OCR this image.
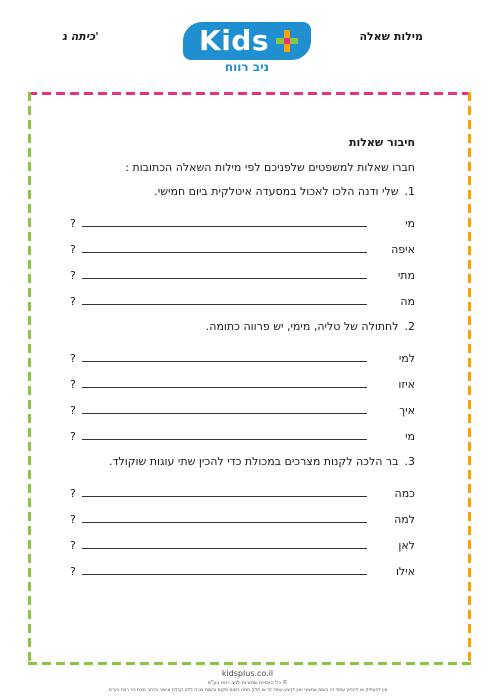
כיתה ג'	מילות שאלה
Kids
ניב רווח
חיבור שאלות
חברו שאלות למשפטים שלפניכם לפי מילות השאלה הכתובות :
1.שלי ודנה הלכו לאכול במסעדה איטלקית ביום חמישי.
מי
?
איפה
?
מתי
?
מה
?
2.לחתולה של טליה, מימי, יש פרווה כתומה.
למי
?
איזו
?
איך
?
מי
?
3.בר הלכה לקנות מצרכים במכולת כדי להכין שתי עוגות שוקולד.
כמה
?
למה
?
לאן
?
אילו
?
kidsplus.co.il
© כל הזכויות שמורות לניב רווח בע"מ
אין להעתיק או להפיץ עמוד זה בשום אמצעי ואין לבצע עמוד זה או חלק ממנו בשום מקום ובשום צורה ללא קבלת אישור בכתב מאת ניב רווח בע"מ.
